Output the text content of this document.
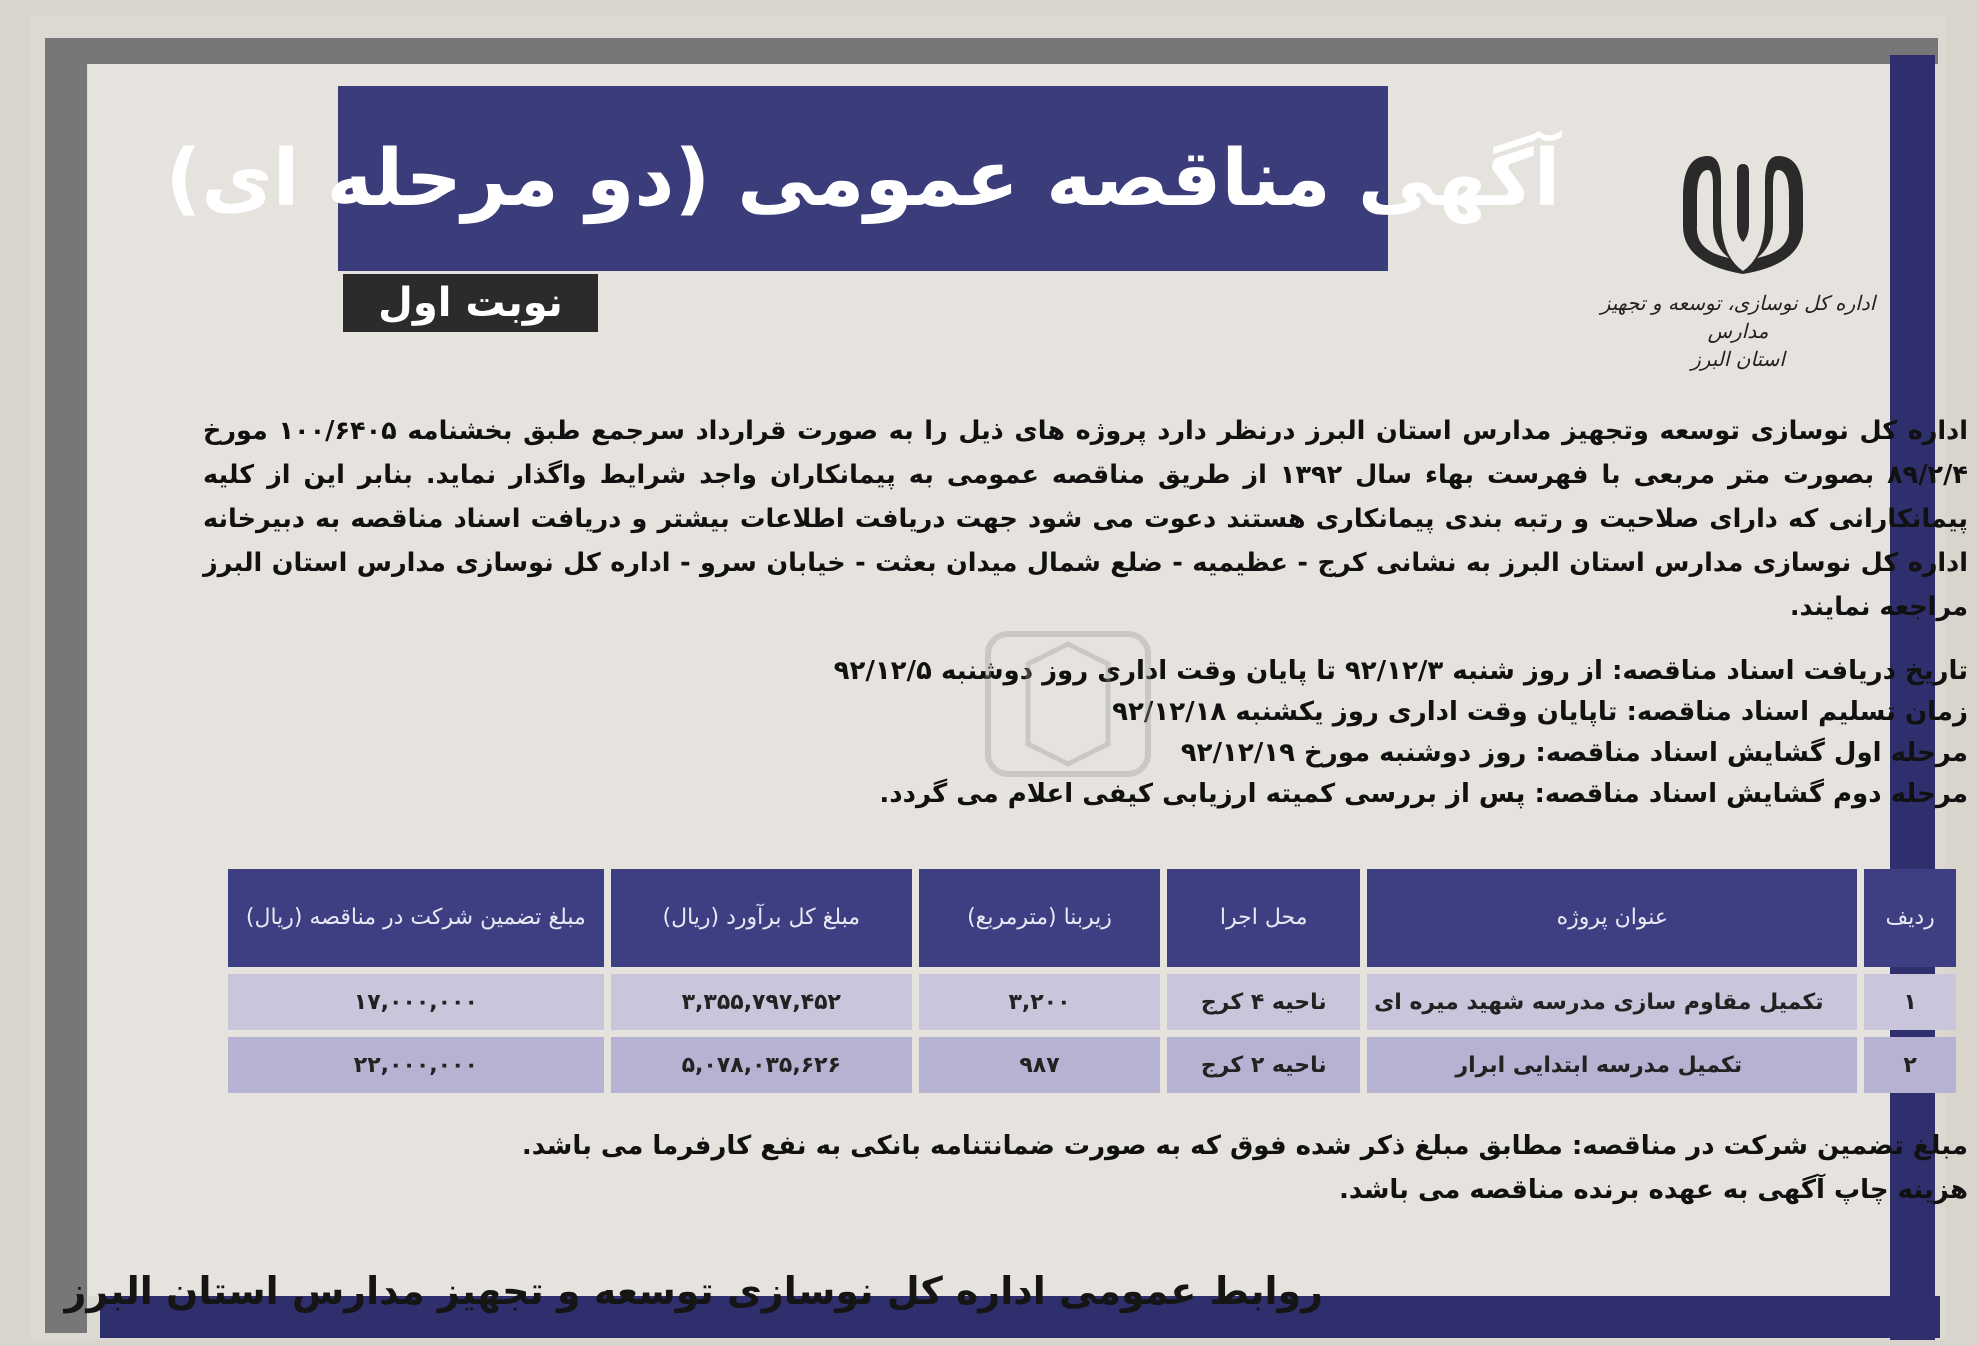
آگهی مناقصه عمومی (دو مرحله ای)
نوبت اول	اداره کل نوسازی، توسعه و تجهیز مدارس
استان البرز
اداره کل نوسازی توسعه وتجهیز مدارس استان البرز درنظر دارد پروژه های ذیل را به صورت قرارداد سرجمع طبق بخشنامه ۱۰۰/۶۴۰۵ مورخ ۸۹/۲/۴ بصورت متر مربعی با فهرست بهاء سال ۱۳۹۲ از طریق مناقصه عمومی به پیمانکاران واجد شرایط واگذار نماید. بنابر این از کلیه پیمانکارانی که دارای صلاحیت و رتبه بندی پیمانکاری هستند دعوت می شود جهت دریافت اطلاعات بیشتر و دریافت اسناد مناقصه به دبیرخانه اداره کل نوسازی مدارس استان البرز به نشانی کرج - عظیمیه - ضلع شمال میدان بعثت - خیابان سرو - اداره کل نوسازی مدارس استان البرز مراجعه نمایند.
تاریخ دریافت اسناد مناقصه: از روز شنبه ۹۲/۱۲/۳ تا پایان وقت اداری روز دوشنبه ۹۲/۱۲/۵
زمان تسلیم اسناد مناقصه: تاپایان وقت اداری روز یکشنبه ۹۲/۱۲/۱۸
مرحله اول گشایش اسناد مناقصه: روز دوشنبه مورخ ۹۲/۱۲/۱۹
مرحله دوم گشایش اسناد مناقصه: پس از بررسی کمیته ارزیابی کیفی اعلام می گردد.
ردیف	عنوان پروژه	محل اجرا	زیربنا (مترمربع)	مبلغ کل برآورد (ریال)	مبلغ تضمین شرکت در مناقصه (ریال)
۱	تکمیل مقاوم سازی مدرسه شهید میره ای	ناحیه ۴ کرج	۳,۲۰۰	۳,۳۵۵,۷۹۷,۴۵۲	۱۷,۰۰۰,۰۰۰
۲	تکمیل مدرسه ابتدایی ابرار	ناحیه ۲ کرج	۹۸۷	۵,۰۷۸,۰۳۵,۶۲۶	۲۲,۰۰۰,۰۰۰
مبلغ تضمین شرکت در مناقصه: مطابق مبلغ ذکر شده فوق که به صورت ضمانتنامه بانکی به نفع کارفرما می باشد.
هزینه چاپ آگهی به عهده برنده مناقصه می باشد.
روابط عمومی اداره کل نوسازی توسعه و تجهیز مدارس استان البرز
